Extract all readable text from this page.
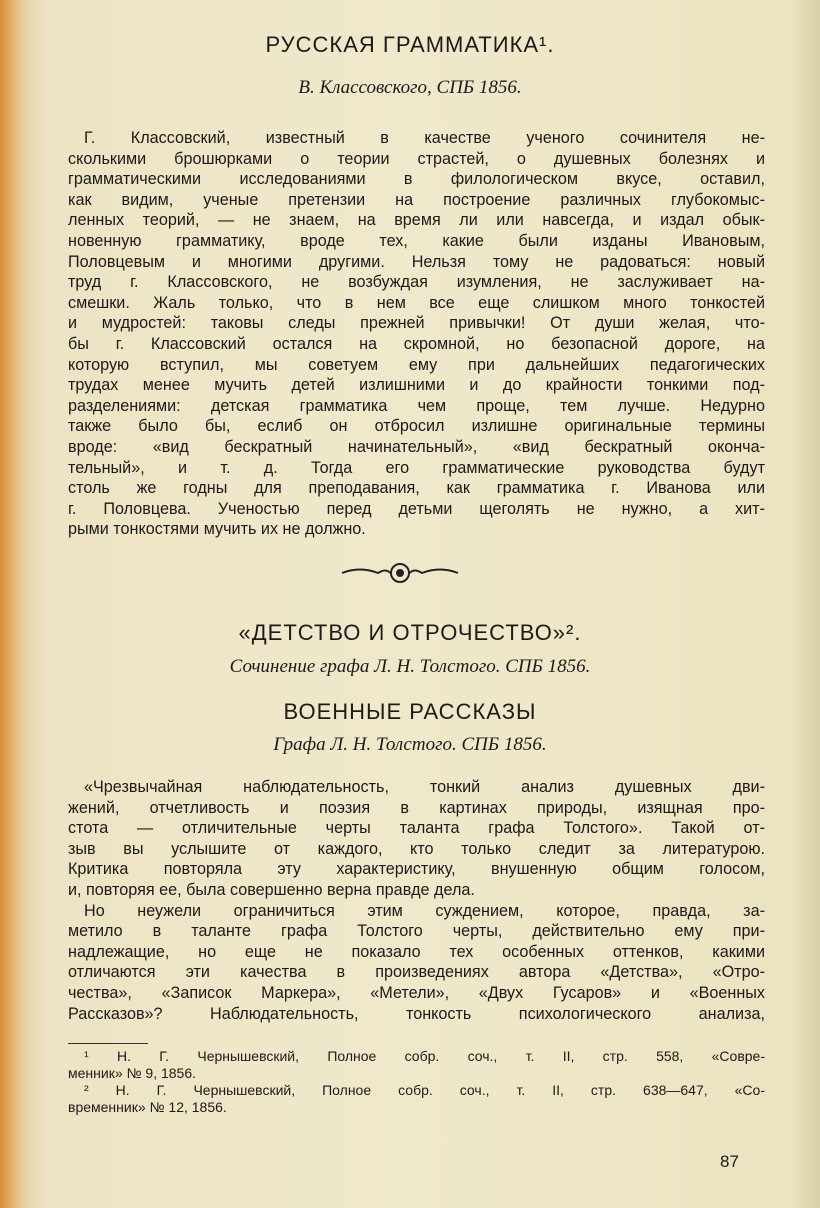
РУССКАЯ ГРАММАТИКА¹.
В. Классовского, СПБ 1856.
Г. Классовский, известный в качестве ученого сочинителя не-
сколькими брошюрками о теории страстей, о душевных болезнях и
грамматическими исследованиями в филологическом вкусе, оставил,
как видим, ученые претензии на построение различных глубокомыс-
ленных теорий, — не знаем, на время ли или навсегда, и издал обык-
новенную грамматику, вроде тех, какие были изданы Ивановым,
Половцевым и многими другими. Нельзя тому не радоваться: новый
труд г. Классовского, не возбуждая изумления, не заслуживает на-
смешки. Жаль только, что в нем все еще слишком много тонкостей
и мудростей: таковы следы прежней привычки! От души желая, что-
бы г. Классовский остался на скромной, но безопасной дороге, на
которую вступил, мы советуем ему при дальнейших педагогических
трудах менее мучить детей излишними и до крайности тонкими под-
разделениями: детская грамматика чем проще, тем лучше. Недурно
также было бы, еслиб он отбросил излишне оригинальные термины
вроде: «вид бескратный начинательный», «вид бескратный оконча-
тельный», и т. д. Тогда его грамматические руководства будут
столь же годны для преподавания, как грамматика г. Иванова или
г. Половцева. Ученостью перед детьми щеголять не нужно, а хит-
рыми тонкостями мучить их не должно.
«ДЕТСТВО И ОТРОЧЕСТВО»².
Сочинение графа Л. Н. Толстого. СПБ 1856.
ВОЕННЫЕ РАССКАЗЫ
Графа Л. Н. Толстого. СПБ 1856.
«Чрезвычайная наблюдательность, тонкий анализ душевных дви-
жений, отчетливость и поэзия в картинах природы, изящная про-
стота — отличительные черты таланта графа Толстого». Такой от-
зыв вы услышите от каждого, кто только следит за литературою.
Критика повторяла эту характеристику, внушенную общим голосом,
и, повторяя ее, была совершенно верна правде дела.
Но неужели ограничиться этим суждением, которое, правда, за-
метило в таланте графа Толстого черты, действительно ему при-
надлежащие, но еще не показало тех особенных оттенков, какими
отличаются эти качества в произведениях автора «Детства», «Отро-
чества», «Записок Маркера», «Метели», «Двух Гусаров» и «Военных
Рассказов»? Наблюдательность, тонкость психологического анализа,
¹ Н. Г. Чернышевский, Полное собр. соч., т. II, стр. 558, «Совре-
менник» № 9, 1856.
² Н. Г. Чернышевский, Полное собр. соч., т. II, стр. 638—647, «Со-
временник» № 12, 1856.
87
